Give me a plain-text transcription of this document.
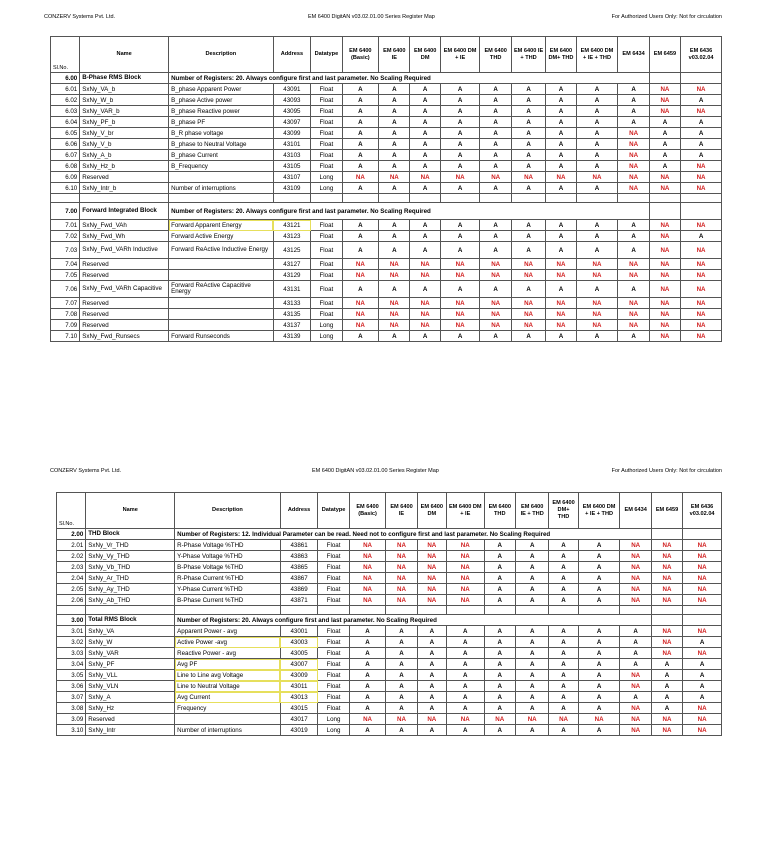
CONZERV Systems Pvt. Ltd.	EM 6400 DigitAN v03.02.01.00 Series Register Map	For Authorized Users Only: Not for circulation
Sl.No.	Name	Description	Address	Datatype	EM 6400 (Basic)	EM 6400 IE	EM 6400 DM	EM 6400 DM + IE	EM 6400 THD	EM 6400 IE + THD	EM 6400 DM+ THD	EM 6400 DM + IE + THD	EM 6434	EM 6459	EM 6436 v03.02.04
6.00	B-Phase RMS Block	Number of Registers: 20. Always configure first and last parameter. No Scaling Required													
6.01	SxNy_VA_b	B_phase Apparent Power	43091	Float	A	A	A	A	A	A	A	A	A	NA	NA
6.02	SxNy_W_b	B_phase Active power	43093	Float	A	A	A	A	A	A	A	A	A	NA	A
6.03	SxNy_VAR_b	B_phase Reactive power	43095	Float	A	A	A	A	A	A	A	A	A	NA	NA
6.04	SxNy_PF_b	B_phase PF	43097	Float	A	A	A	A	A	A	A	A	A	A	A
6.05	SxNy_V_br	B_R phase voltage	43099	Float	A	A	A	A	A	A	A	A	NA	A	A
6.06	SxNy_V_b	B_phase to Neutral Voltage	43101	Float	A	A	A	A	A	A	A	A	NA	A	A
6.07	SxNy_A_b	B_phase Current	43103	Float	A	A	A	A	A	A	A	A	NA	A	A
6.08	SxNy_Hz_b	B_Frequency	43105	Float	A	A	A	A	A	A	A	A	NA	A	NA
6.09	Reserved		43107	Long	NA	NA	NA	NA	NA	NA	NA	NA	NA	NA	NA
6.10	SxNy_Intr_b	Number of interruptions	43109	Long	A	A	A	A	A	A	A	A	NA	NA	NA

7.00	Forward Integrated Block	Number of Registers: 20. Always configure first and last parameter. No Scaling Required													
7.01	SxNy_Fwd_VAh	Forward Apparent Energy	43121	Float	A	A	A	A	A	A	A	A	A	NA	NA
7.02	SxNy_Fwd_Wh	Forward Active Energy	43123	Float	A	A	A	A	A	A	A	A	A	NA	A
7.03	SxNy_Fwd_VARh Inductive	Forward ReActive Inductive Energy	43125	Float	A	A	A	A	A	A	A	A	A	NA	NA
7.04	Reserved		43127	Float	NA	NA	NA	NA	NA	NA	NA	NA	NA	NA	NA
7.05	Reserved		43129	Float	NA	NA	NA	NA	NA	NA	NA	NA	NA	NA	NA
7.06	SxNy_Fwd_VARh Capacitive	Forward ReActive Capacitive Energy	43131	Float	A	A	A	A	A	A	A	A	A	NA	NA
7.07	Reserved		43133	Float	NA	NA	NA	NA	NA	NA	NA	NA	NA	NA	NA
7.08	Reserved		43135	Float	NA	NA	NA	NA	NA	NA	NA	NA	NA	NA	NA
7.09	Reserved		43137	Long	NA	NA	NA	NA	NA	NA	NA	NA	NA	NA	NA
7.10	SxNy_Fwd_Runsecs	Forward Runseconds	43139	Long	A	A	A	A	A	A	A	A	A	NA	NA
CONZERV Systems Pvt. Ltd.	EM 6400 DigitAN v03.02.01.00 Series Register Map	For Authorized Users Only: Not for circulation
Sl.No.	Name	Description	Address	Datatype	EM 6400 (Basic)	EM 6400 IE	EM 6400 DM	EM 6400 DM + IE	EM 6400 THD	EM 6400 IE + THD	EM 6400 DM+ THD	EM 6400 DM + IE + THD	EM 6434	EM 6459	EM 6436 v03.02.04
2.00	THD Block	Number of Registers: 12. Individual Parameter can be read. Need not to configure first and last parameter. No Scaling Required													
2.01	SxNy_Vr_THD	R-Phase Voltage %THD	43861	Float	NA	NA	NA	NA	A	A	A	A	NA	NA	NA
2.02	SxNy_Vy_THD	Y-Phase Voltage %THD	43863	Float	NA	NA	NA	NA	A	A	A	A	NA	NA	NA
2.03	SxNy_Vb_THD	B-Phase Voltage %THD	43865	Float	NA	NA	NA	NA	A	A	A	A	NA	NA	NA
2.04	SxNy_Ar_THD	R-Phase Current %THD	43867	Float	NA	NA	NA	NA	A	A	A	A	NA	NA	NA
2.05	SxNy_Ay_THD	Y-Phase Current %THD	43869	Float	NA	NA	NA	NA	A	A	A	A	NA	NA	NA
2.06	SxNy_Ab_THD	B-Phase Current %THD	43871	Float	NA	NA	NA	NA	A	A	A	A	NA	NA	NA

3.00	Total RMS Block	Number of Registers: 20. Always configure first and last parameter. No Scaling Required													
3.01	SxNy_VA	Apparent Power - avg	43001	Float	A	A	A	A	A	A	A	A	A	NA	NA
3.02	SxNy_W	Active Power -avg	43003	Float	A	A	A	A	A	A	A	A	A	NA	A
3.03	SxNy_VAR	Reactive Power - avg	43005	Float	A	A	A	A	A	A	A	A	A	NA	NA
3.04	SxNy_PF	Avg PF	43007	Float	A	A	A	A	A	A	A	A	A	A	A
3.05	SxNy_VLL	Line to Line avg Voltage	43009	Float	A	A	A	A	A	A	A	A	NA	A	A
3.06	SxNy_VLN	Line to Neutral Voltage	43011	Float	A	A	A	A	A	A	A	A	NA	A	A
3.07	SxNy_A	Avg Current	43013	Float	A	A	A	A	A	A	A	A	A	A	A
3.08	SxNy_Hz	Frequency	43015	Float	A	A	A	A	A	A	A	A	NA	A	NA
3.09	Reserved		43017	Long	NA	NA	NA	NA	NA	NA	NA	NA	NA	NA	NA
3.10	SxNy_Intr	Number of interruptions	43019	Long	A	A	A	A	A	A	A	A	NA	NA	NA
